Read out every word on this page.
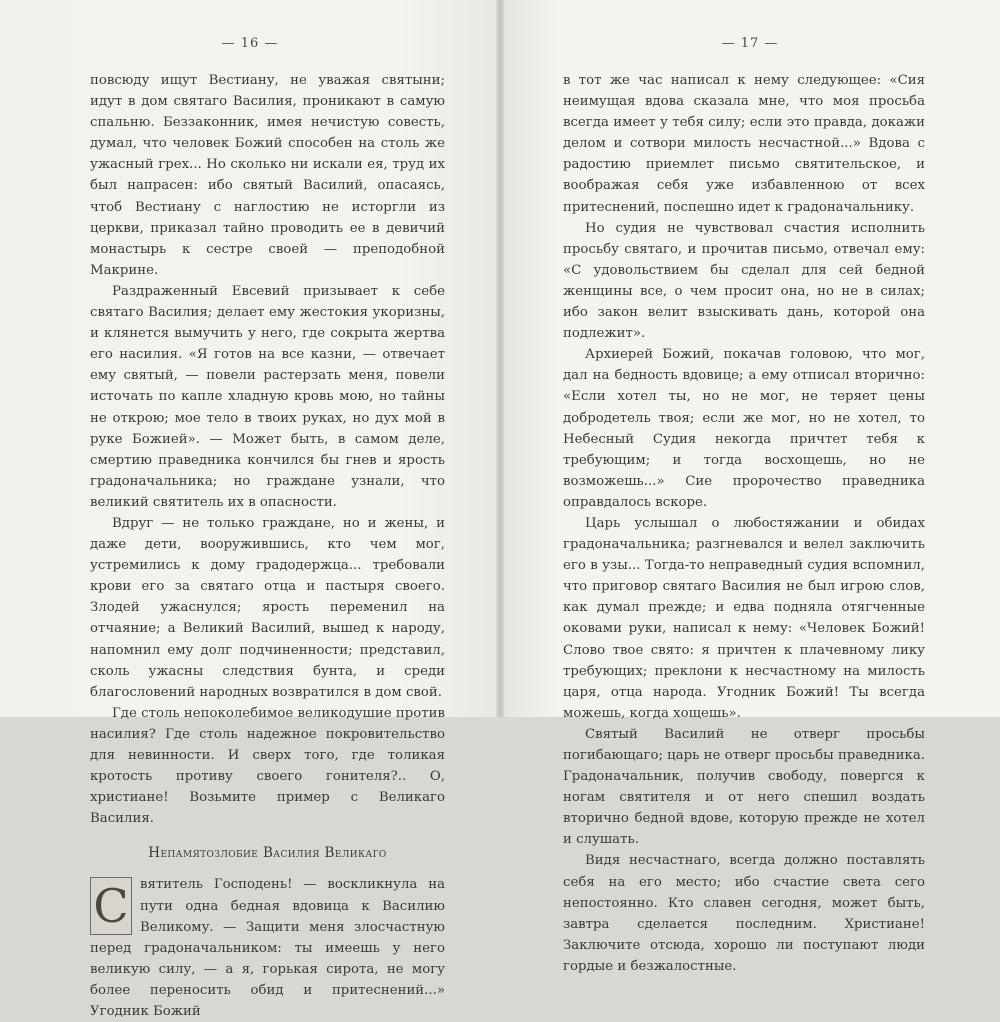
— 16 —

повсюду ищут Вестиану, не уважая святыни; идут в дом святаго Василия, проникают в самую спальню. Беззаконник, имея нечистую совесть, думал, что человек Божий способен на столь же ужасный грех... Но сколько ни искали ея, труд их был напрасен: ибо святый Василий, опасаясь, чтоб Вестиану с наглостию не исторгли из церкви, приказал тайно проводить ее в девичий монастырь к сестре своей — преподобной Макрине.

Раздраженный Евсевий призывает к себе святаго Василия; делает ему жестокия укоризны, и клянется вымучить у него, где сокрыта жертва его насилия. «Я готов на все казни, — отвечает ему святый, — повели растерзать меня, повели источать по капле хладную кровь мою, но тайны не открою; мое тело в твоих руках, но дух мой в руке Божией». — Может быть, в самом деле, смертию праведника кончился бы гнев и ярость градоначальника; но граждане узнали, что великий святитель их в опасности.

Вдруг — не только граждане, но и жены, и даже дети, вооружившись, кто чем мог, устремились к дому градодержца... требовали крови его за святаго отца и пастыря своего. Злодей ужаснулся; ярость переменил на отчаяние; а Великий Василий, вышед к народу, напомнил ему долг подчиненности; представил, сколь ужасны следствия бунта, и среди благословений народных возвратился в дом свой.

Где столь непоколебимое великодушие против насилия? Где столь надежное покровительство для невинности. И сверх того, где толикая кротость противу своего гонителя?.. О, христиане! Возьмите пример с Великаго Василия.

Непамятозлобие Василия Великаго

С вятитель Господень! — воскликнула на пути одна бедная вдовица к Василию Великому. — Защити меня злосчастную перед градоначальником: ты имеешь у него великую силу, — а я, горькая сирота, не могу более переносить обид и притеснений...» Угодник Божий

— 17 —

в тот же час написал к нему следующее: «Сия неимущая вдова сказала мне, что моя просьба всегда имеет у тебя силу; если это правда, докажи делом и сотвори милость несчастной...» Вдова с радостию приемлет письмо святительское, и воображая себя уже избавленною от всех притеснений, поспешно идет к градоначальнику.

Но судия не чувствовал счастия исполнить просьбу святаго, и прочитав письмо, отвечал ему: «С удовольствием бы сделал для сей бедной женщины все, о чем просит она, но не в силах; ибо закон велит взыскивать дань, которой она подлежит».

Архиерей Божий, покачав головою, что мог, дал на бедность вдовице; а ему отписал вторично: «Если хотел ты, но не мог, не теряет цены добродетель твоя; если же мог, но не хотел, то Небесный Судия некогда причтет тебя к требующим; и тогда восхощешь, но не возможешь...» Сие пророчество праведника оправдалось вскоре.

Царь услышал о любостяжании и обидах градоначальника; разгневался и велел заключить его в узы... Тогда-то неправедный судия вспомнил, что приговор святаго Василия не был игрою слов, как думал прежде; и едва подняла отягченные оковами руки, написал к нему: «Человек Божий! Слово твое свято: я причтен к плачевному лику требующих; преклони к несчастному на милость царя, отца народа. Угодник Божий! Ты всегда можешь, когда хощешь».

Святый Василий не отверг просьбы погибающаго; царь не отверг просьбы праведника. Градоначальник, получив свободу, повергся к ногам святителя и от него спешил воздать вторично бедной вдове, которую прежде не хотел и слушать.

Видя несчастнаго, всегда должно поставлять себя на его место; ибо счастие света сего непостоянно. Кто славен сегодня, может быть, завтра сделается последним. Христиане! Заключите отсюда, хорошо ли поступают люди гордые и безжалостные.
